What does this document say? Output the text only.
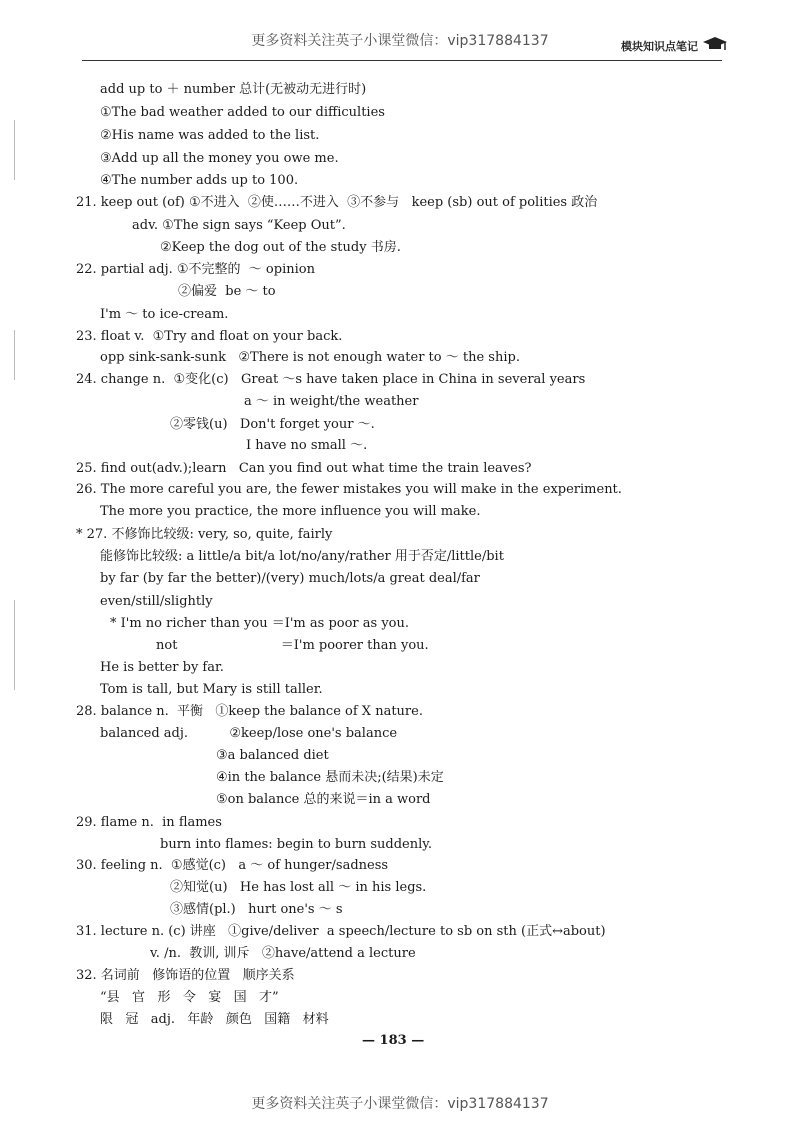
更多资料关注英子小课堂微信：vip317884137	模块知识点笔记
add up to ＋ number 总计(无被动无进行时)
①The bad weather added to our difficulties
②His name was added to the list.
③Add up all the money you owe me.
④The number adds up to 100.
21. keep out (of) ①不进入  ②使……不进入  ③不参与   keep (sb) out of polities 政治
adv. ①The sign says “Keep Out”.
②Keep the dog out of the study 书房.
22. partial adj. ①不完整的  ～ opinion
②偏爱  be ～ to
I'm ～ to ice-cream.
23. float v.  ①Try and float on your back.
opp sink-sank-sunk   ②There is not enough water to ～ the ship.
24. change n.  ①变化(c)   Great ～s have taken place in China in several years
a ～ in weight/the weather
②零钱(u)   Don't forget your ～.
I have no small ～.
25. find out(adv.);learn   Can you find out what time the train leaves?
26. The more careful you are, the fewer mistakes you will make in the experiment.
The more you practice, the more influence you will make.
* 27. 不修饰比较级: very, so, quite, fairly
能修饰比较级: a little/a bit/a lot/no/any/rather 用于否定/little/bit
by far (by far the better)/(very) much/lots/a great deal/far
even/still/slightly
* I'm no richer than you ＝I'm as poor as you.
not                         ＝I'm poorer than you.
He is better by far.
Tom is tall, but Mary is still taller.
28. balance n.  平衡   ①keep the balance of X nature.
balanced adj.          ②keep/lose one's balance
③a balanced diet
④in the balance 悬而未决;(结果)未定
⑤on balance 总的来说＝in a word
29. flame n.  in flames
burn into flames: begin to burn suddenly.
30. feeling n.  ①感觉(c)   a ～ of hunger/sadness
②知觉(u)   He has lost all ～ in his legs.
③感情(pl.)   hurt one's ～ s
31. lecture n. (c) 讲座   ①give/deliver  a speech/lecture to sb on sth (正式↔about)
v. /n.  教训, 训斥   ②have/attend a lecture
32. 名词前   修饰语的位置   顺序关系
“县   官   形   令   宴   国   才”
限   冠   adj.   年龄   颜色   国籍   材料
— 183 —
更多资料关注英子小课堂微信：vip317884137
